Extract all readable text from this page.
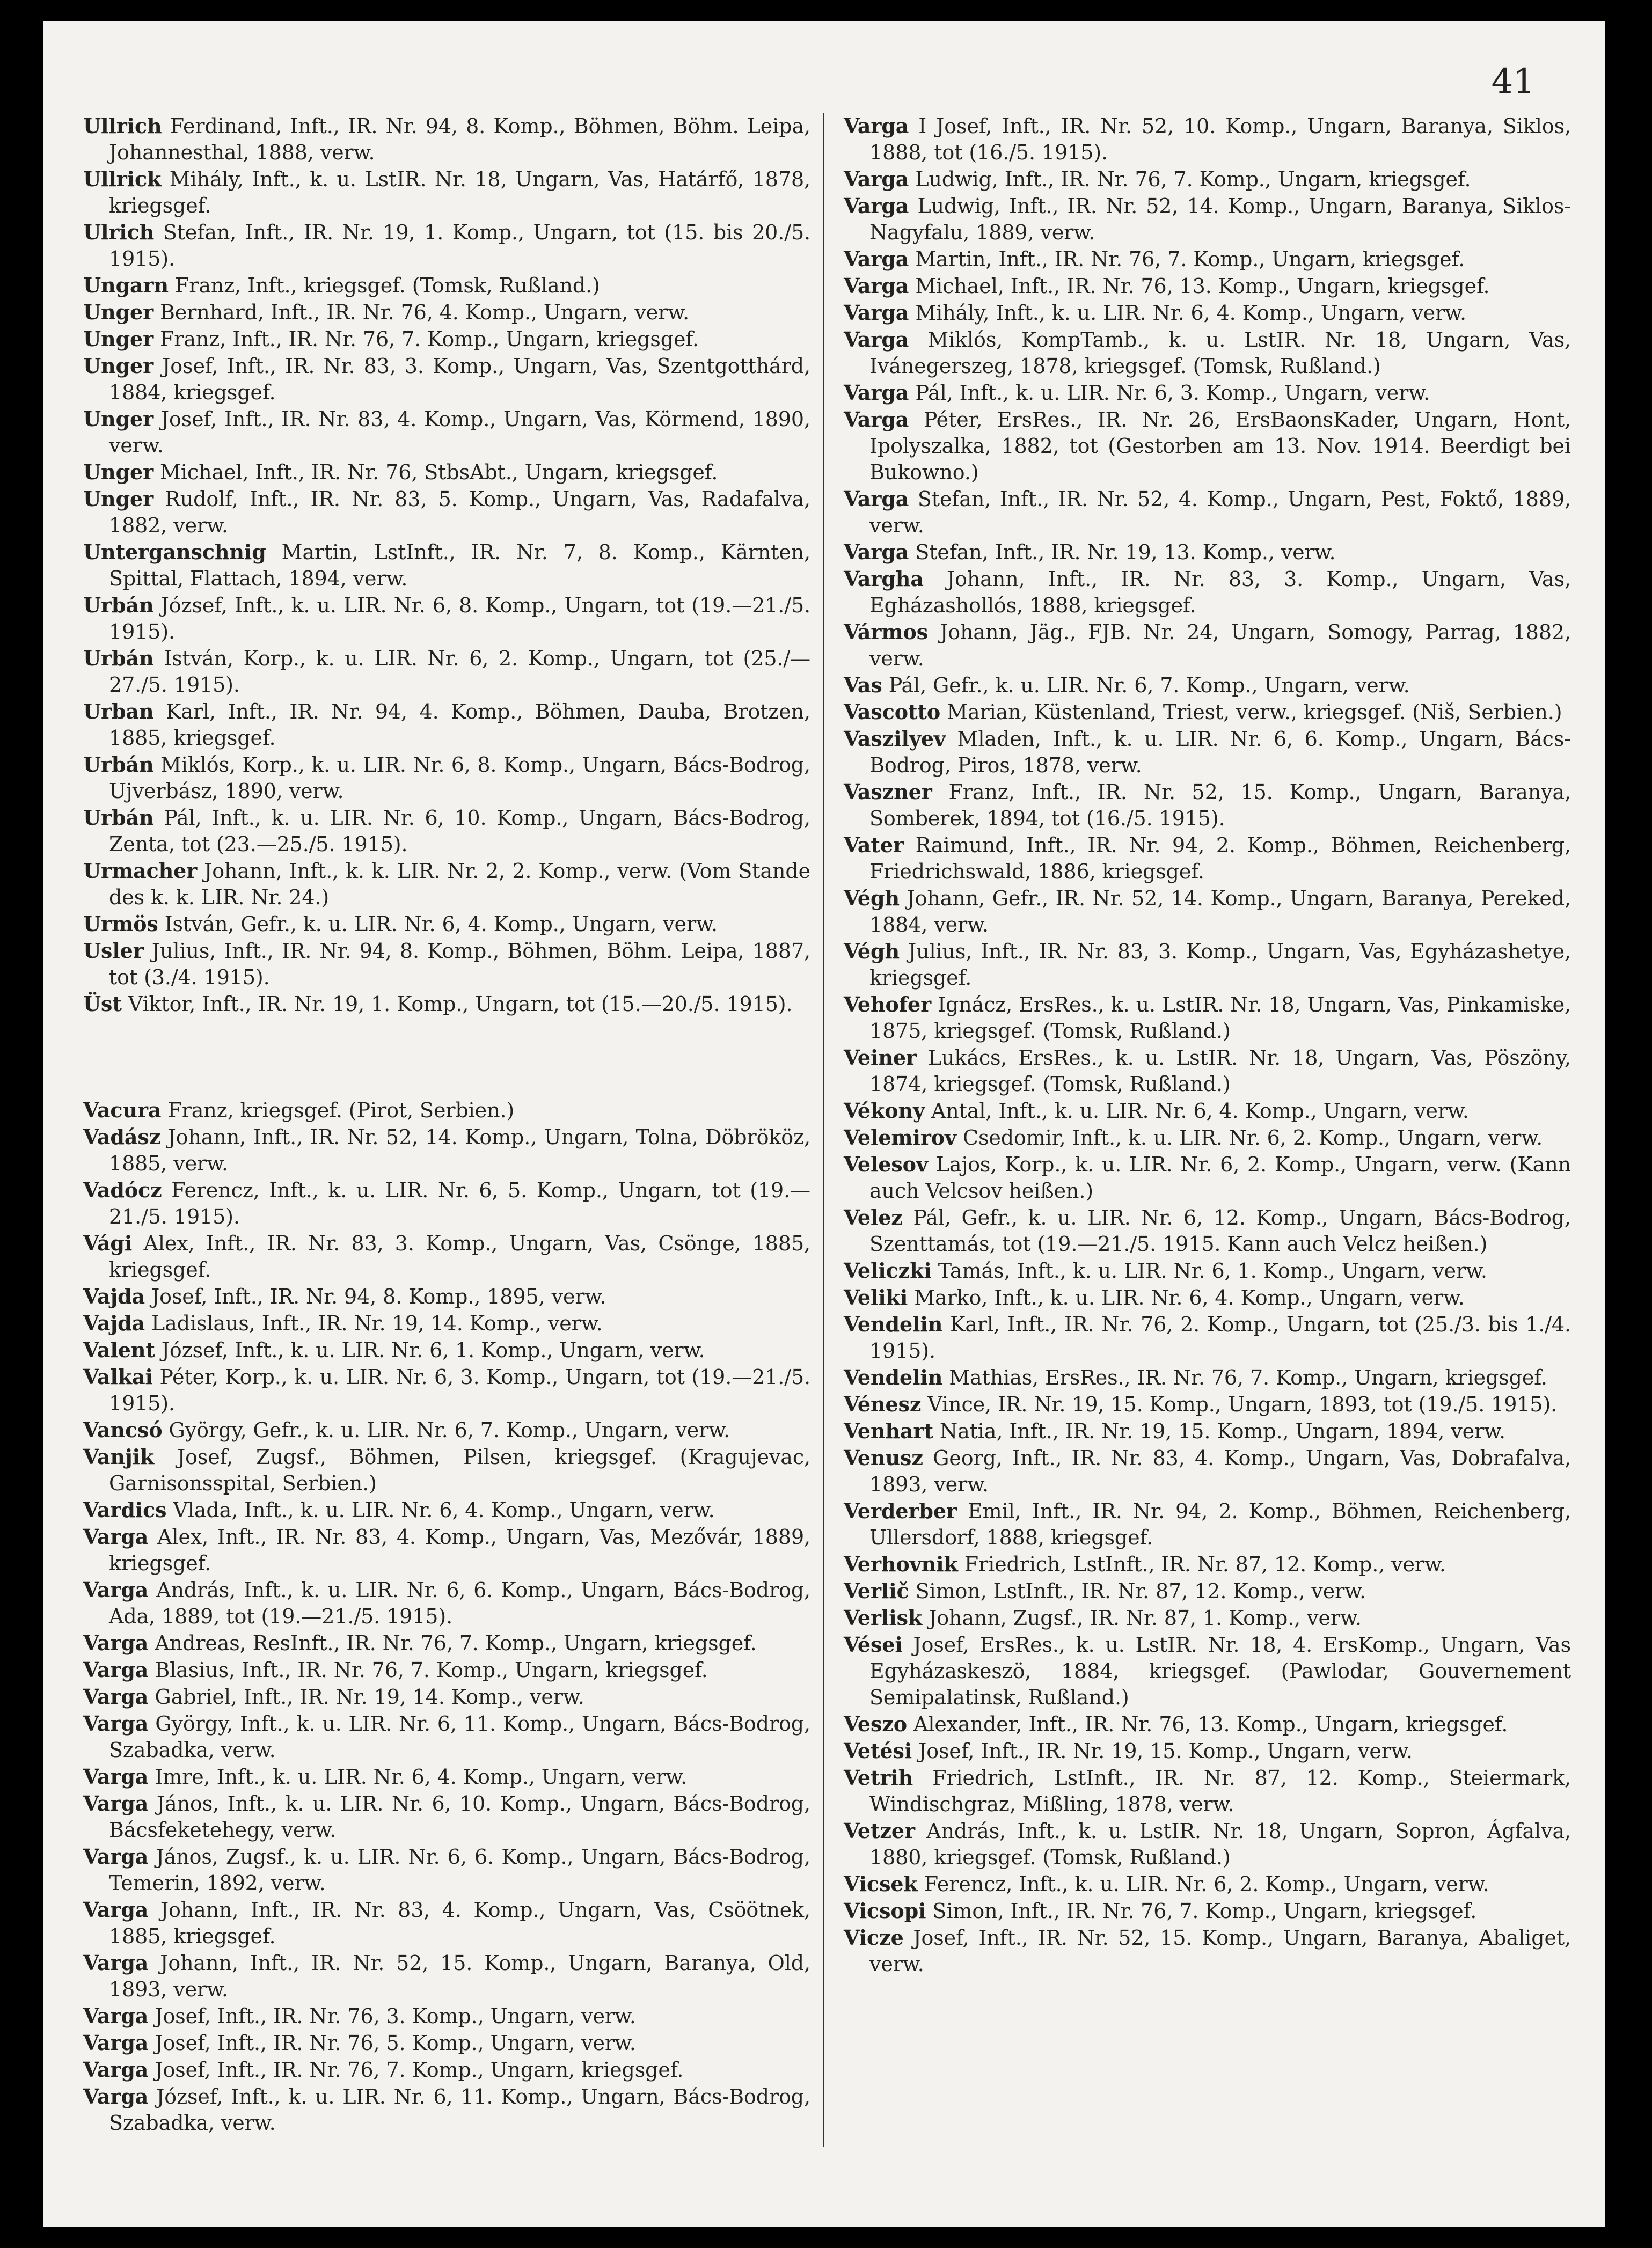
41

Ullrich Ferdinand, Inft., IR. Nr. 94, 8. Komp., Böhmen, Böhm. Leipa, Johannesthal, 1888, verw.

Ullrick Mihály, Inft., k. u. LstIR. Nr. 18, Ungarn, Vas, Határfő, 1878, kriegsgef.

Ulrich Stefan, Inft., IR. Nr. 19, 1. Komp., Ungarn, tot (15. bis 20./5. 1915).

Ungarn Franz, Inft., kriegsgef. (Tomsk, Rußland.)

Unger Bernhard, Inft., IR. Nr. 76, 4. Komp., Ungarn, verw.

Unger Franz, Inft., IR. Nr. 76, 7. Komp., Ungarn, kriegsgef.

Unger Josef, Inft., IR. Nr. 83, 3. Komp., Ungarn, Vas, Szentgotthárd, 1884, kriegsgef.

Unger Josef, Inft., IR. Nr. 83, 4. Komp., Ungarn, Vas, Körmend, 1890, verw.

Unger Michael, Inft., IR. Nr. 76, StbsAbt., Ungarn, kriegsgef.

Unger Rudolf, Inft., IR. Nr. 83, 5. Komp., Ungarn, Vas, Radafalva, 1882, verw.

Unterganschnig Martin, LstInft., IR. Nr. 7, 8. Komp., Kärnten, Spittal, Flattach, 1894, verw.

Urbán József, Inft., k. u. LIR. Nr. 6, 8. Komp., Ungarn, tot (19.—21./5. 1915).

Urbán István, Korp., k. u. LIR. Nr. 6, 2. Komp., Ungarn, tot (25./—27./5. 1915).

Urban Karl, Inft., IR. Nr. 94, 4. Komp., Böhmen, Dauba, Brotzen, 1885, kriegsgef.

Urbán Miklós, Korp., k. u. LIR. Nr. 6, 8. Komp., Ungarn, Bács-Bodrog, Ujverbász, 1890, verw.

Urbán Pál, Inft., k. u. LIR. Nr. 6, 10. Komp., Ungarn, Bács-Bodrog, Zenta, tot (23.—25./5. 1915).

Urmacher Johann, Inft., k. k. LIR. Nr. 2, 2. Komp., verw. (Vom Stande des k. k. LIR. Nr. 24.)

Urmös István, Gefr., k. u. LIR. Nr. 6, 4. Komp., Ungarn, verw.

Usler Julius, Inft., IR. Nr. 94, 8. Komp., Böhmen, Böhm. Leipa, 1887, tot (3./4. 1915).

Üst Viktor, Inft., IR. Nr. 19, 1. Komp., Ungarn, tot (15.—20./5. 1915).

Vacura Franz, kriegsgef. (Pirot, Serbien.)

Vadász Johann, Inft., IR. Nr. 52, 14. Komp., Ungarn, Tolna, Döbrököz, 1885, verw.

Vadócz Ferencz, Inft., k. u. LIR. Nr. 6, 5. Komp., Ungarn, tot (19.—21./5. 1915).

Vági Alex, Inft., IR. Nr. 83, 3. Komp., Ungarn, Vas, Csönge, 1885, kriegsgef.

Vajda Josef, Inft., IR. Nr. 94, 8. Komp., 1895, verw.

Vajda Ladislaus, Inft., IR. Nr. 19, 14. Komp., verw.

Valent József, Inft., k. u. LIR. Nr. 6, 1. Komp., Ungarn, verw.

Valkai Péter, Korp., k. u. LIR. Nr. 6, 3. Komp., Ungarn, tot (19.—21./5. 1915).

Vancsó György, Gefr., k. u. LIR. Nr. 6, 7. Komp., Ungarn, verw.

Vanjik Josef, Zugsf., Böhmen, Pilsen, kriegsgef. (Kragujevac, Garnisonsspital, Serbien.)

Vardics Vlada, Inft., k. u. LIR. Nr. 6, 4. Komp., Ungarn, verw.

Varga Alex, Inft., IR. Nr. 83, 4. Komp., Ungarn, Vas, Mezővár, 1889, kriegsgef.

Varga András, Inft., k. u. LIR. Nr. 6, 6. Komp., Ungarn, Bács-Bodrog, Ada, 1889, tot (19.—21./5. 1915).

Varga Andreas, ResInft., IR. Nr. 76, 7. Komp., Ungarn, kriegsgef.

Varga Blasius, Inft., IR. Nr. 76, 7. Komp., Ungarn, kriegsgef.

Varga Gabriel, Inft., IR. Nr. 19, 14. Komp., verw.

Varga György, Inft., k. u. LIR. Nr. 6, 11. Komp., Ungarn, Bács-Bodrog, Szabadka, verw.

Varga Imre, Inft., k. u. LIR. Nr. 6, 4. Komp., Ungarn, verw.

Varga János, Inft., k. u. LIR. Nr. 6, 10. Komp., Ungarn, Bács-Bodrog, Bácsfeketehegy, verw.

Varga János, Zugsf., k. u. LIR. Nr. 6, 6. Komp., Ungarn, Bács-Bodrog, Temerin, 1892, verw.

Varga Johann, Inft., IR. Nr. 83, 4. Komp., Ungarn, Vas, Csöötnek, 1885, kriegsgef.

Varga Johann, Inft., IR. Nr. 52, 15. Komp., Ungarn, Baranya, Old, 1893, verw.

Varga Josef, Inft., IR. Nr. 76, 3. Komp., Ungarn, verw.

Varga Josef, Inft., IR. Nr. 76, 5. Komp., Ungarn, verw.

Varga Josef, Inft., IR. Nr. 76, 7. Komp., Ungarn, kriegsgef.

Varga József, Inft., k. u. LIR. Nr. 6, 11. Komp., Ungarn, Bács-Bodrog, Szabadka, verw.

Varga I Josef, Inft., IR. Nr. 52, 10. Komp., Ungarn, Baranya, Siklos, 1888, tot (16./5. 1915).

Varga Ludwig, Inft., IR. Nr. 76, 7. Komp., Ungarn, kriegsgef.

Varga Ludwig, Inft., IR. Nr. 52, 14. Komp., Ungarn, Baranya, Siklos-Nagyfalu, 1889, verw.

Varga Martin, Inft., IR. Nr. 76, 7. Komp., Ungarn, kriegsgef.

Varga Michael, Inft., IR. Nr. 76, 13. Komp., Ungarn, kriegsgef.

Varga Mihály, Inft., k. u. LIR. Nr. 6, 4. Komp., Ungarn, verw.

Varga Miklós, KompTamb., k. u. LstIR. Nr. 18, Ungarn, Vas, Ivánegerszeg, 1878, kriegsgef. (Tomsk, Rußland.)

Varga Pál, Inft., k. u. LIR. Nr. 6, 3. Komp., Ungarn, verw.

Varga Péter, ErsRes., IR. Nr. 26, ErsBaonsKader, Ungarn, Hont, Ipolyszalka, 1882, tot (Gestorben am 13. Nov. 1914. Beerdigt bei Bukowno.)

Varga Stefan, Inft., IR. Nr. 52, 4. Komp., Ungarn, Pest, Foktő, 1889, verw.

Varga Stefan, Inft., IR. Nr. 19, 13. Komp., verw.

Vargha Johann, Inft., IR. Nr. 83, 3. Komp., Ungarn, Vas, Egházashollós, 1888, kriegsgef.

Vármos Johann, Jäg., FJB. Nr. 24, Ungarn, Somogy, Parrag, 1882, verw.

Vas Pál, Gefr., k. u. LIR. Nr. 6, 7. Komp., Ungarn, verw.

Vascotto Marian, Küstenland, Triest, verw., kriegsgef. (Niš, Serbien.)

Vaszilyev Mladen, Inft., k. u. LIR. Nr. 6, 6. Komp., Ungarn, Bács-Bodrog, Piros, 1878, verw.

Vaszner Franz, Inft., IR. Nr. 52, 15. Komp., Ungarn, Baranya, Somberek, 1894, tot (16./5. 1915).

Vater Raimund, Inft., IR. Nr. 94, 2. Komp., Böhmen, Reichenberg, Friedrichswald, 1886, kriegsgef.

Végh Johann, Gefr., IR. Nr. 52, 14. Komp., Ungarn, Baranya, Pereked, 1884, verw.

Végh Julius, Inft., IR. Nr. 83, 3. Komp., Ungarn, Vas, Egyházashetye, kriegsgef.

Vehofer Ignácz, ErsRes., k. u. LstIR. Nr. 18, Ungarn, Vas, Pinkamiske, 1875, kriegsgef. (Tomsk, Rußland.)

Veiner Lukács, ErsRes., k. u. LstIR. Nr. 18, Ungarn, Vas, Pöszöny, 1874, kriegsgef. (Tomsk, Rußland.)

Vékony Antal, Inft., k. u. LIR. Nr. 6, 4. Komp., Ungarn, verw.

Velemirov Csedomir, Inft., k. u. LIR. Nr. 6, 2. Komp., Ungarn, verw.

Velesov Lajos, Korp., k. u. LIR. Nr. 6, 2. Komp., Ungarn, verw. (Kann auch Velcsov heißen.)

Velez Pál, Gefr., k. u. LIR. Nr. 6, 12. Komp., Ungarn, Bács-Bodrog, Szenttamás, tot (19.—21./5. 1915. Kann auch Velcz heißen.)

Veliczki Tamás, Inft., k. u. LIR. Nr. 6, 1. Komp., Ungarn, verw.

Veliki Marko, Inft., k. u. LIR. Nr. 6, 4. Komp., Ungarn, verw.

Vendelin Karl, Inft., IR. Nr. 76, 2. Komp., Ungarn, tot (25./3. bis 1./4. 1915).

Vendelin Mathias, ErsRes., IR. Nr. 76, 7. Komp., Ungarn, kriegsgef.

Vénesz Vince, IR. Nr. 19, 15. Komp., Ungarn, 1893, tot (19./5. 1915).

Venhart Natia, Inft., IR. Nr. 19, 15. Komp., Ungarn, 1894, verw.

Venusz Georg, Inft., IR. Nr. 83, 4. Komp., Ungarn, Vas, Dobrafalva, 1893, verw.

Verderber Emil, Inft., IR. Nr. 94, 2. Komp., Böhmen, Reichenberg, Ullersdorf, 1888, kriegsgef.

Verhovnik Friedrich, LstInft., IR. Nr. 87, 12. Komp., verw.

Verlič Simon, LstInft., IR. Nr. 87, 12. Komp., verw.

Verlisk Johann, Zugsf., IR. Nr. 87, 1. Komp., verw.

Vései Josef, ErsRes., k. u. LstIR. Nr. 18, 4. ErsKomp., Ungarn, Vas Egyházaskeszö, 1884, kriegsgef. (Pawlodar, Gouvernement Semipalatinsk, Rußland.)

Veszo Alexander, Inft., IR. Nr. 76, 13. Komp., Ungarn, kriegsgef.

Vetési Josef, Inft., IR. Nr. 19, 15. Komp., Ungarn, verw.

Vetrih Friedrich, LstInft., IR. Nr. 87, 12. Komp., Steiermark, Windischgraz, Mißling, 1878, verw.

Vetzer András, Inft., k. u. LstIR. Nr. 18, Ungarn, Sopron, Ágfalva, 1880, kriegsgef. (Tomsk, Rußland.)

Vicsek Ferencz, Inft., k. u. LIR. Nr. 6, 2. Komp., Ungarn, verw.

Vicsopi Simon, Inft., IR. Nr. 76, 7. Komp., Ungarn, kriegsgef.

Vicze Josef, Inft., IR. Nr. 52, 15. Komp., Ungarn, Baranya, Abaliget, verw.
